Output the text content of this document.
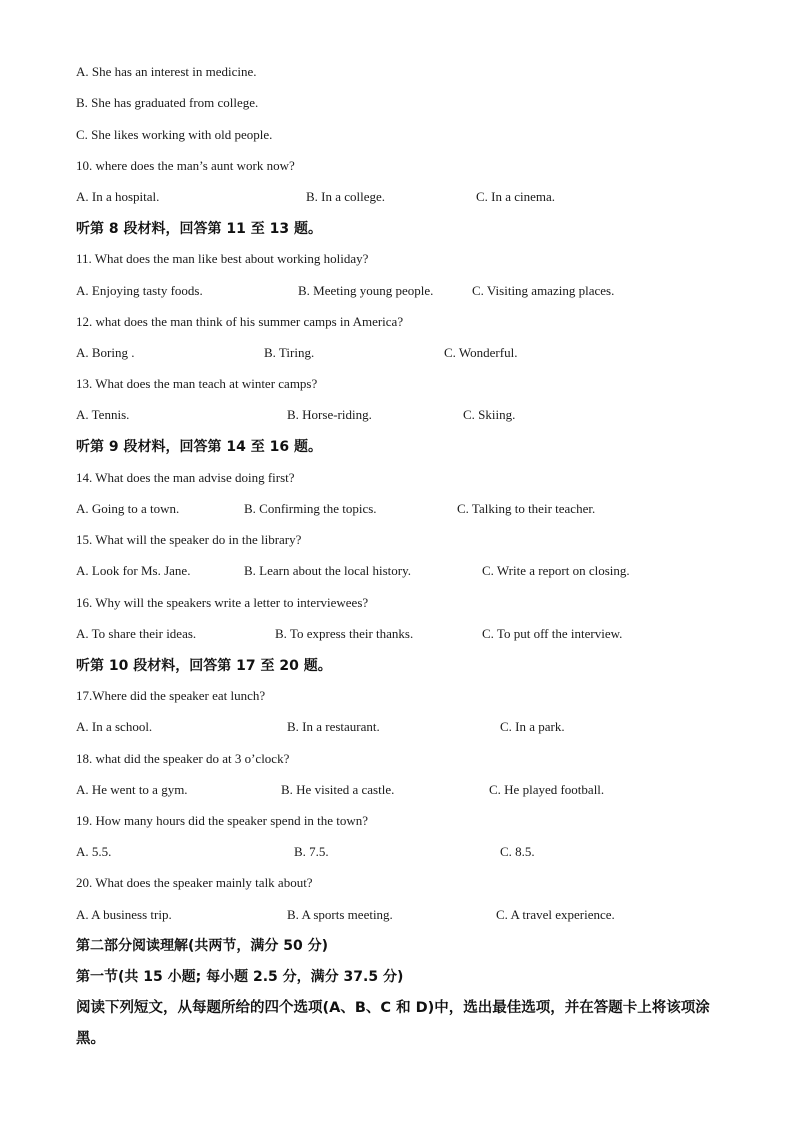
A. She has an interest in medicine.
B. She has graduated from college.
C. She likes working with old people.
10. where does the man’s aunt work now?
A. In a hospital.	B. In a college.	C. In a cinema.
听第 8 段材料，回答第 11 至 13 题。
11. What does the man like best about working holiday?
A. Enjoying tasty foods.	B. Meeting young people.	C. Visiting amazing places.
12. what does the man think of his summer camps in America?
A. Boring .	B. Tiring.	C. Wonderful.
13. What does the man teach at winter camps?
A. Tennis.	B. Horse-riding.	C. Skiing.
听第 9 段材料，回答第 14 至 16 题。
14. What does the man advise doing first?
A. Going to a town.	B. Confirming the topics.	C. Talking to their teacher.
15. What will the speaker do in the library?
A. Look for Ms. Jane.	B. Learn about the local history.	C. Write a report on closing.
16. Why will the speakers write a letter to interviewees?
A. To share their ideas.	B. To express their thanks.	C. To put off the interview.
听第 10 段材料，回答第 17 至 20 题。
17.Where did the speaker eat lunch?
A. In a school.	B. In a restaurant.	C. In a park.
18. what did the speaker do at 3 o’clock?
A. He went to a gym.	B. He visited a castle.	C. He played football.
19. How many hours did the speaker spend in the town?
A. 5.5.	B. 7.5.	C. 8.5.
20. What does the speaker mainly talk about?
A. A business trip.	B. A sports meeting.	C. A travel experience.
第二部分阅读理解(共两节，满分 50 分)
第一节(共 15 小题; 每小题 2.5 分，满分 37.5 分)
阅读下列短文，从每题所给的四个选项(A、B、C 和 D)中，选出最佳选项，并在答题卡上将该项涂黑。
